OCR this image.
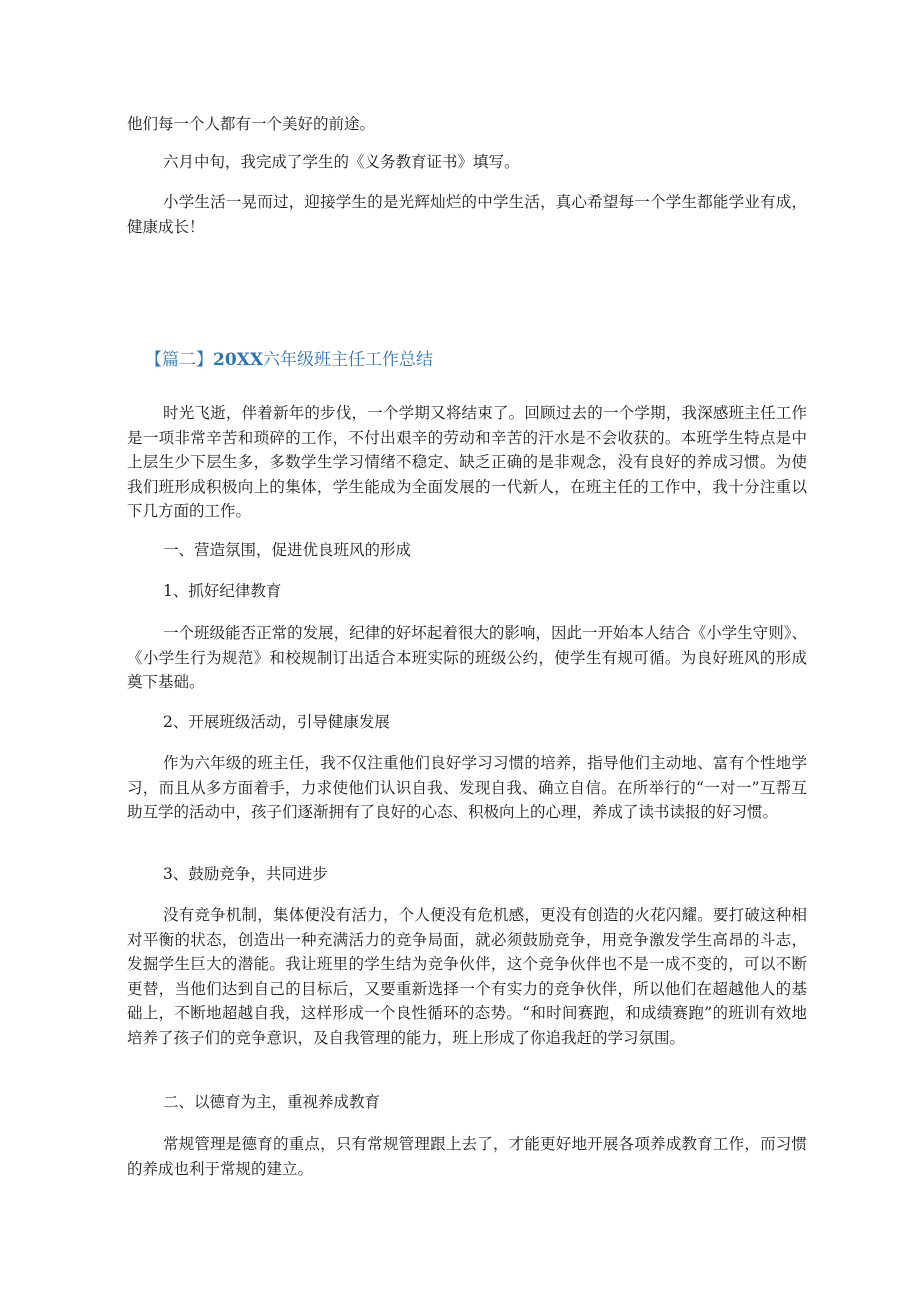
他们每一个人都有一个美好的前途。

六月中旬，我完成了学生的《义务教育证书》填写。

小学生活一晃而过，迎接学生的是光辉灿烂的中学生活，真心希望每一个学生都能学业有成，健康成长！

【篇二】20XX六年级班主任工作总结

时光飞逝，伴着新年的步伐，一个学期又将结束了。回顾过去的一个学期，我深感班主任工作是一项非常辛苦和琐碎的工作，不付出艰辛的劳动和辛苦的汗水是不会收获的。本班学生特点是中上层生少下层生多，多数学生学习情绪不稳定、缺乏正确的是非观念，没有良好的养成习惯。为使我们班形成积极向上的集体，学生能成为全面发展的一代新人，在班主任的工作中，我十分注重以下几方面的工作。

一、营造氛围，促进优良班风的形成

1、抓好纪律教育

一个班级能否正常的发展，纪律的好坏起着很大的影响，因此一开始本人结合《小学生守则》、《小学生行为规范》和校规制订出适合本班实际的班级公约，使学生有规可循。为良好班风的形成奠下基础。

2、开展班级活动，引导健康发展

作为六年级的班主任，我不仅注重他们良好学习习惯的培养，指导他们主动地、富有个性地学习，而且从多方面着手，力求使他们认识自我、发现自我、确立自信。在所举行的“一对一”互帮互助互学的活动中，孩子们逐渐拥有了良好的心态、积极向上的心理，养成了读书读报的好习惯。

3、鼓励竞争，共同进步

没有竞争机制，集体便没有活力，个人便没有危机感，更没有创造的火花闪耀。要打破这种相对平衡的状态，创造出一种充满活力的竞争局面，就必须鼓励竞争，用竞争激发学生高昂的斗志，发掘学生巨大的潜能。我让班里的学生结为竞争伙伴，这个竞争伙伴也不是一成不变的，可以不断更替，当他们达到自己的目标后，又要重新选择一个有实力的竞争伙伴，所以他们在超越他人的基础上，不断地超越自我，这样形成一个良性循环的态势。“和时间赛跑，和成绩赛跑”的班训有效地培养了孩子们的竞争意识，及自我管理的能力，班上形成了你追我赶的学习氛围。

二、以德育为主，重视养成教育

常规管理是德育的重点，只有常规管理跟上去了，才能更好地开展各项养成教育工作，而习惯的养成也利于常规的建立。
